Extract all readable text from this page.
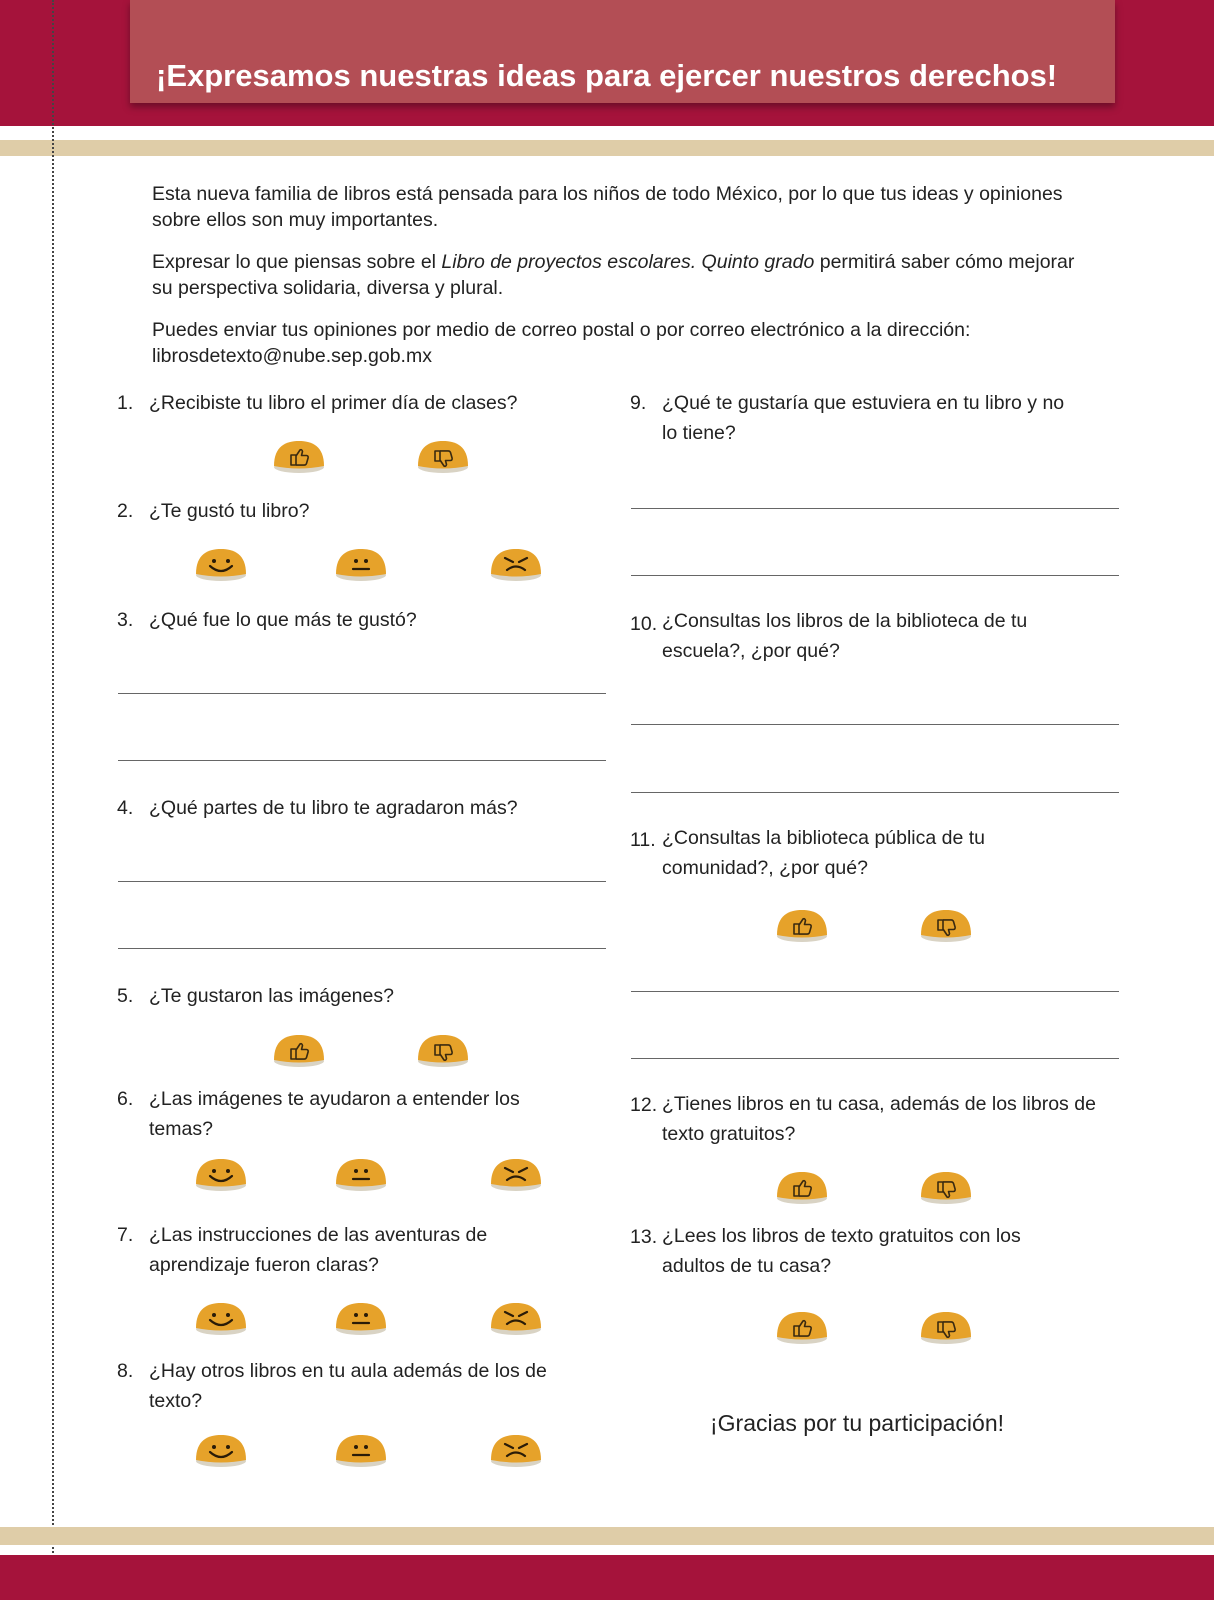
¡Expresamos nuestras ideas para ejercer nuestros derechos!
Esta nueva familia de libros está pensada para los niños de todo México, por lo que tus ideas y opiniones sobre ellos son muy importantes.
Expresar lo que piensas sobre el Libro de proyectos escolares. Quinto grado permitirá saber cómo mejorar su perspectiva solidaria, diversa y plural.
Puedes enviar tus opiniones por medio de correo postal o por correo electrónico a la dirección: librosdetexto@nube.sep.gob.mx
1. ¿Recibiste tu libro el primer día de clases?
2. ¿Te gustó tu libro?
3. ¿Qué fue lo que más te gustó?
4. ¿Qué partes de tu libro te agradaron más?
5. ¿Te gustaron las imágenes?
6. ¿Las imágenes te ayudaron a entender los temas?
7. ¿Las instrucciones de las aventuras de aprendizaje fueron claras?
8. ¿Hay otros libros en tu aula además de los de texto?
9. ¿Qué te gustaría que estuviera en tu libro y no lo tiene?
10. ¿Consultas los libros de la biblioteca de tu escuela?, ¿por qué?
11. ¿Consultas la biblioteca pública de tu comunidad?, ¿por qué?
12. ¿Tienes libros en tu casa, además de los libros de texto gratuitos?
13. ¿Lees los libros de texto gratuitos con los adultos de tu casa?
¡Gracias por tu participación!
